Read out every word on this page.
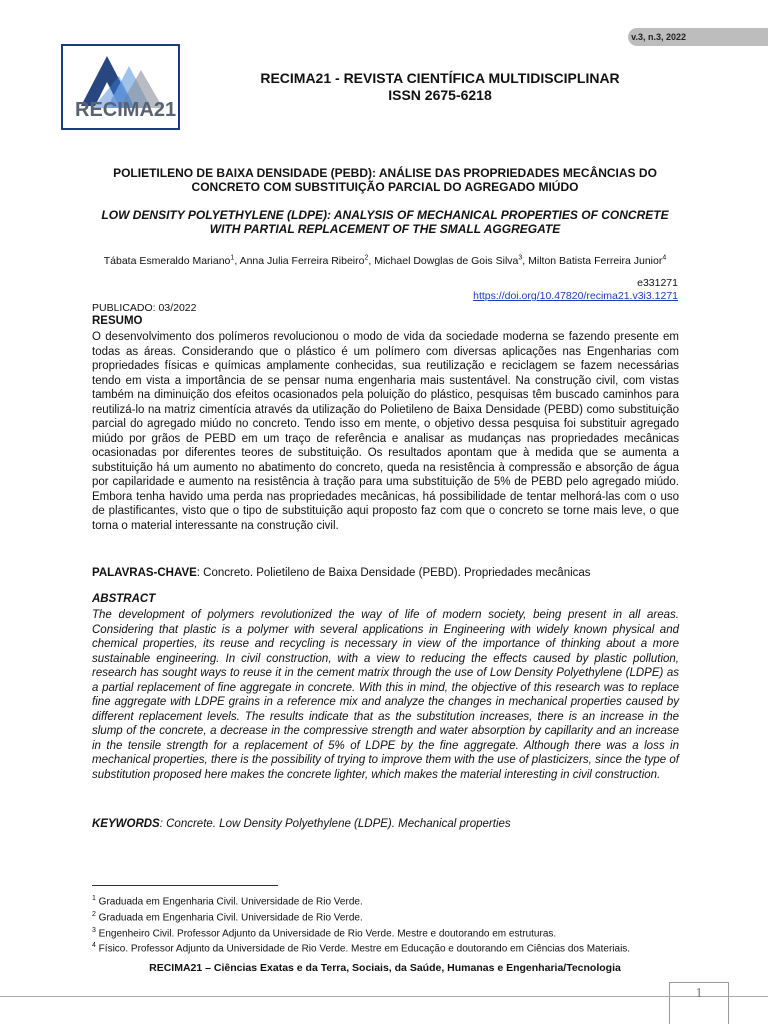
v.3, n.3, 2022
RECIMA21
RECIMA21 - REVISTA CIENTÍFICA MULTIDISCIPLINAR
ISSN 2675-6218
POLIETILENO DE BAIXA DENSIDADE (PEBD): ANÁLISE DAS PROPRIEDADES MECÂNCIAS DO CONCRETO COM SUBSTITUIÇÃO PARCIAL DO AGREGADO MIÚDO
LOW DENSITY POLYETHYLENE (LDPE): ANALYSIS OF MECHANICAL PROPERTIES OF CONCRETE WITH PARTIAL REPLACEMENT OF THE SMALL AGGREGATE
Tábata Esmeraldo Mariano$^1$, Anna Julia Ferreira Ribeiro$^2$, Michael Dowglas de Gois Silva$^3$, Milton Batista Ferreira Junior$^4$
e331271
https://doi.org/10.47820/recima21.v3i3.1271
PUBLICADO: 03/2022
RESUMO

O desenvolvimento dos polímeros revolucionou o modo de vida da sociedade moderna se fazendo presente em todas as áreas. Considerando que o plástico é um polímero com diversas aplicações nas Engenharias com propriedades físicas e químicas amplamente conhecidas, sua reutilização e reciclagem se fazem necessárias tendo em vista a importância de se pensar numa engenharia mais sustentável. Na construção civil, com vistas também na diminuição dos efeitos ocasionados pela poluição do plástico, pesquisas têm buscado caminhos para reutilizá-lo na matriz cimentícia através da utilização do Polietileno de Baixa Densidade (PEBD) como substituição parcial do agregado miúdo no concreto. Tendo isso em mente, o objetivo dessa pesquisa foi substituir agregado miúdo por grãos de PEBD em um traço de referência e analisar as mudanças nas propriedades mecânicas ocasionadas por diferentes teores de substituição. Os resultados apontam que à medida que se aumenta a substituição há um aumento no abatimento do concreto, queda na resistência à compressão e absorção de água por capilaridade e aumento na resistência à tração para uma substituição de 5% de PEBD pelo agregado miúdo. Embora tenha havido uma perda nas propriedades mecânicas, há possibilidade de tentar melhorá-las com o uso de plastificantes, visto que o tipo de substituição aqui proposto faz com que o concreto se torne mais leve, o que torna o material interessante na construção civil.

PALAVRAS-CHAVE: Concreto. Polietileno de Baixa Densidade (PEBD). Propriedades mecânicas
ABSTRACT

The development of polymers revolutionized the way of life of modern society, being present in all areas. Considering that plastic is a polymer with several applications in Engineering with widely known physical and chemical properties, its reuse and recycling is necessary in view of the importance of thinking about a more sustainable engineering. In civil construction, with a view to reducing the effects caused by plastic pollution, research has sought ways to reuse it in the cement matrix through the use of Low Density Polyethylene (LDPE) as a partial replacement of fine aggregate in concrete. With this in mind, the objective of this research was to replace fine aggregate with LDPE grains in a reference mix and analyze the changes in mechanical properties caused by different replacement levels. The results indicate that as the substitution increases, there is an increase in the slump of the concrete, a decrease in the compressive strength and water absorption by capillarity and an increase in the tensile strength for a replacement of 5% of LDPE by the fine aggregate. Although there was a loss in mechanical properties, there is the possibility of trying to improve them with the use of plasticizers, since the type of substitution proposed here makes the concrete lighter, which makes the material interesting in civil construction.

KEYWORDS: Concrete. Low Density Polyethylene (LDPE). Mechanical properties
$^1$ Graduada em Engenharia Civil. Universidade de Rio Verde.
$^2$ Graduada em Engenharia Civil. Universidade de Rio Verde.
$^3$ Engenheiro Civil. Professor Adjunto da Universidade de Rio Verde. Mestre e doutorando em estruturas.
$^4$ Físico. Professor Adjunto da Universidade de Rio Verde. Mestre em Educação e doutorando em Ciências dos Materiais.
RECIMA21 – Ciências Exatas e da Terra, Sociais, da Saúde, Humanas e Engenharia/Tecnologia
1
